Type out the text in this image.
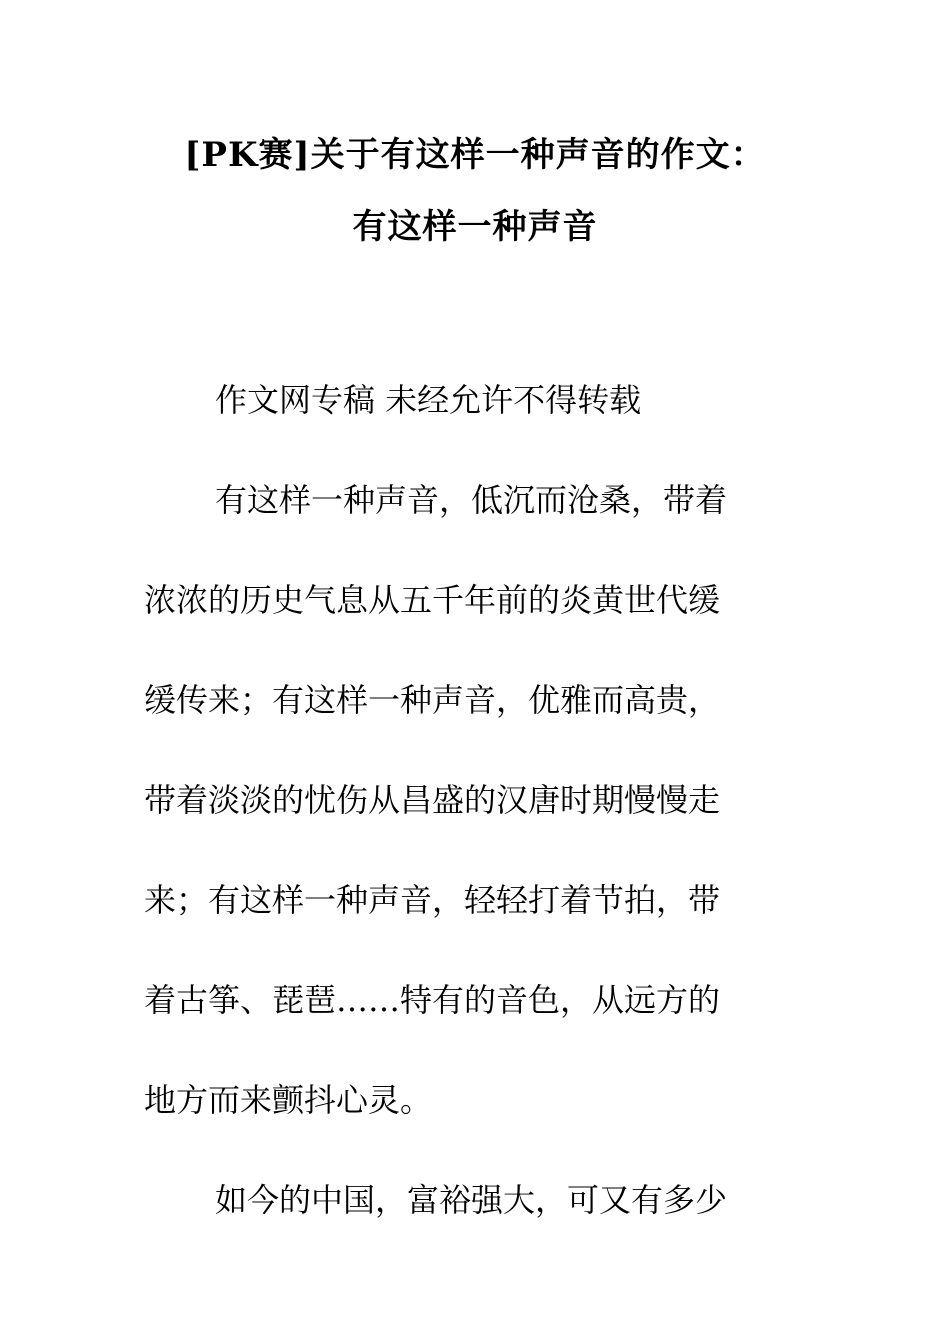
[PK赛]关于有这样一种声音的作文：
有这样一种声音
作文网专稿 未经允许不得转载
有这样一种声音，低沉而沧桑，带着
浓浓的历史气息从五千年前的炎黄世代缓
缓传来；有这样一种声音，优雅而高贵，
带着淡淡的忧伤从昌盛的汉唐时期慢慢走
来；有这样一种声音，轻轻打着节拍，带
着古筝、琵琶……特有的音色，从远方的
地方而来颤抖心灵。
如今的中国，富裕强大，可又有多少
